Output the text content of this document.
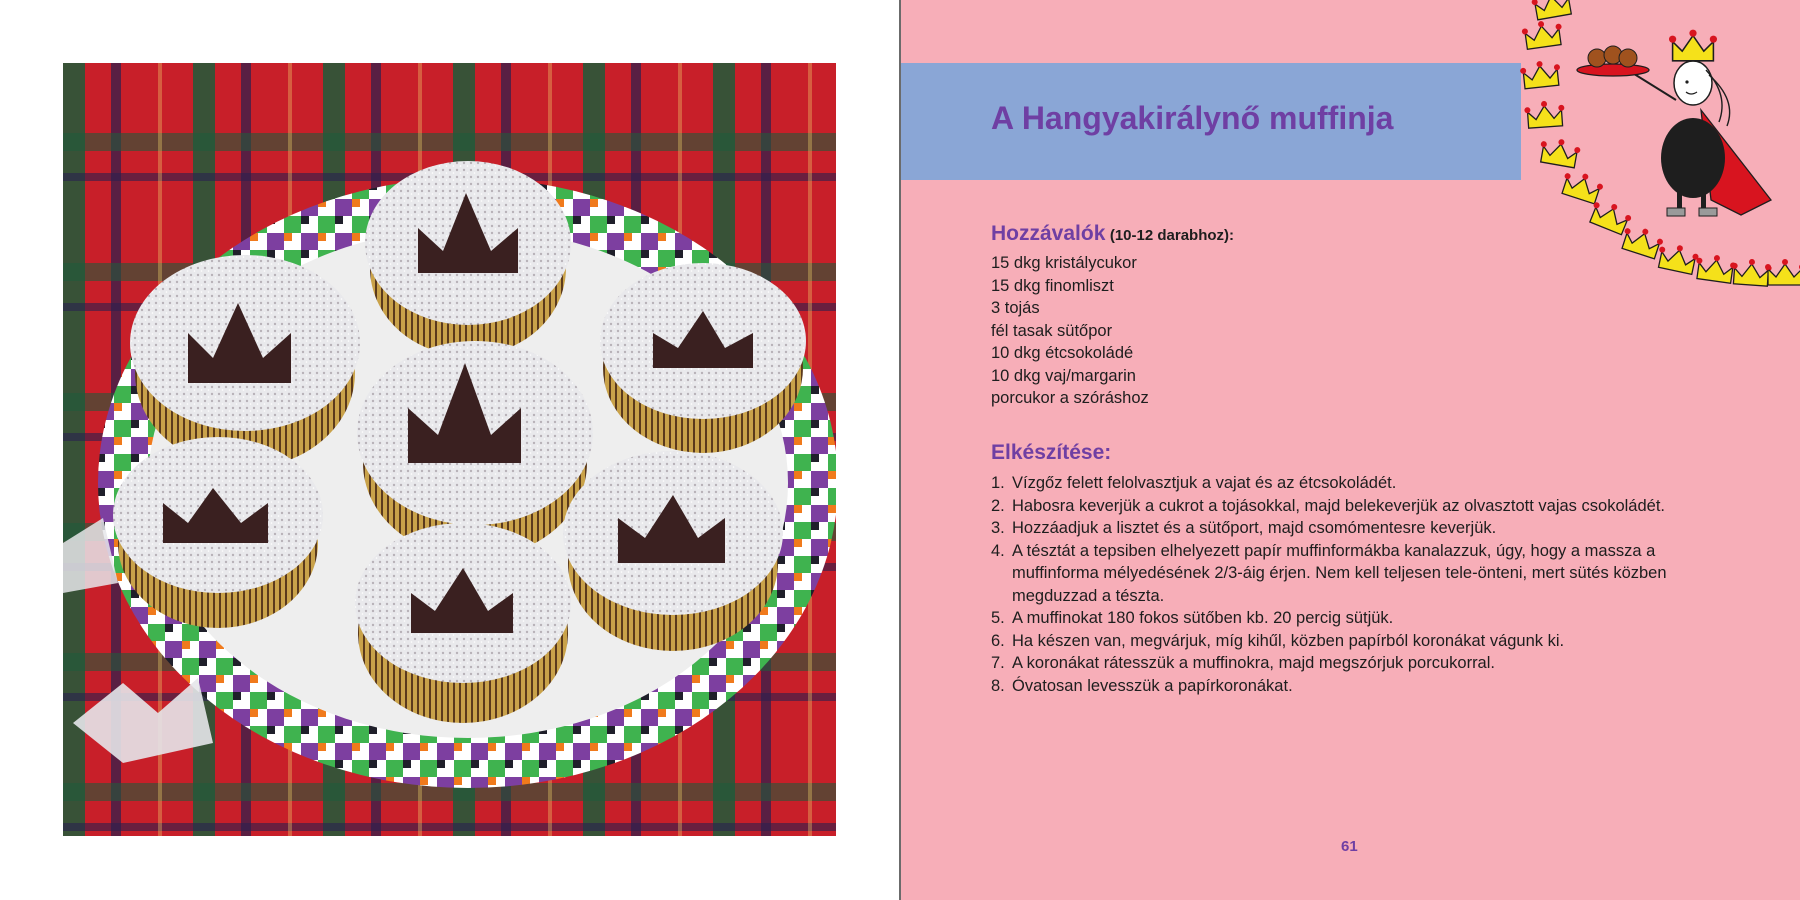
A Hangyakirálynő muffinja
Hozzávalók (10-12 darabhoz):
15 dkg kristálycukor
15 dkg finomliszt
3 tojás
fél tasak sütőpor
10 dkg étcsokoládé
10 dkg vaj/margarin
porcukor a szóráshoz
Elkészítése:
1. Vízgőz felett felolvasztjuk a vajat és az étcsokoládét.
2. Habosra keverjük a cukrot a tojásokkal, majd belekeverjük az olvasztott vajas csokoládét.
3. Hozzáadjuk a lisztet és a sütőport, majd csomómentesre keverjük.
4. A tésztát a tepsiben elhelyezett papír muffinformákba kanalazzuk, úgy, hogy a massza a muffinforma mélyedésének 2/3-áig érjen. Nem kell teljesen tele-önteni, mert sütés közben megduzzad a tészta.
5. A muffinokat 180 fokos sütőben kb. 20 percig sütjük.
6. Ha készen van, megvárjuk, míg kihűl, közben papírból koronákat vágunk ki.
7. A koronákat rátesszük a muffinokra, majd megszórjuk porcukorral.
8. Óvatosan levesszük a papírkoronákat.
61
